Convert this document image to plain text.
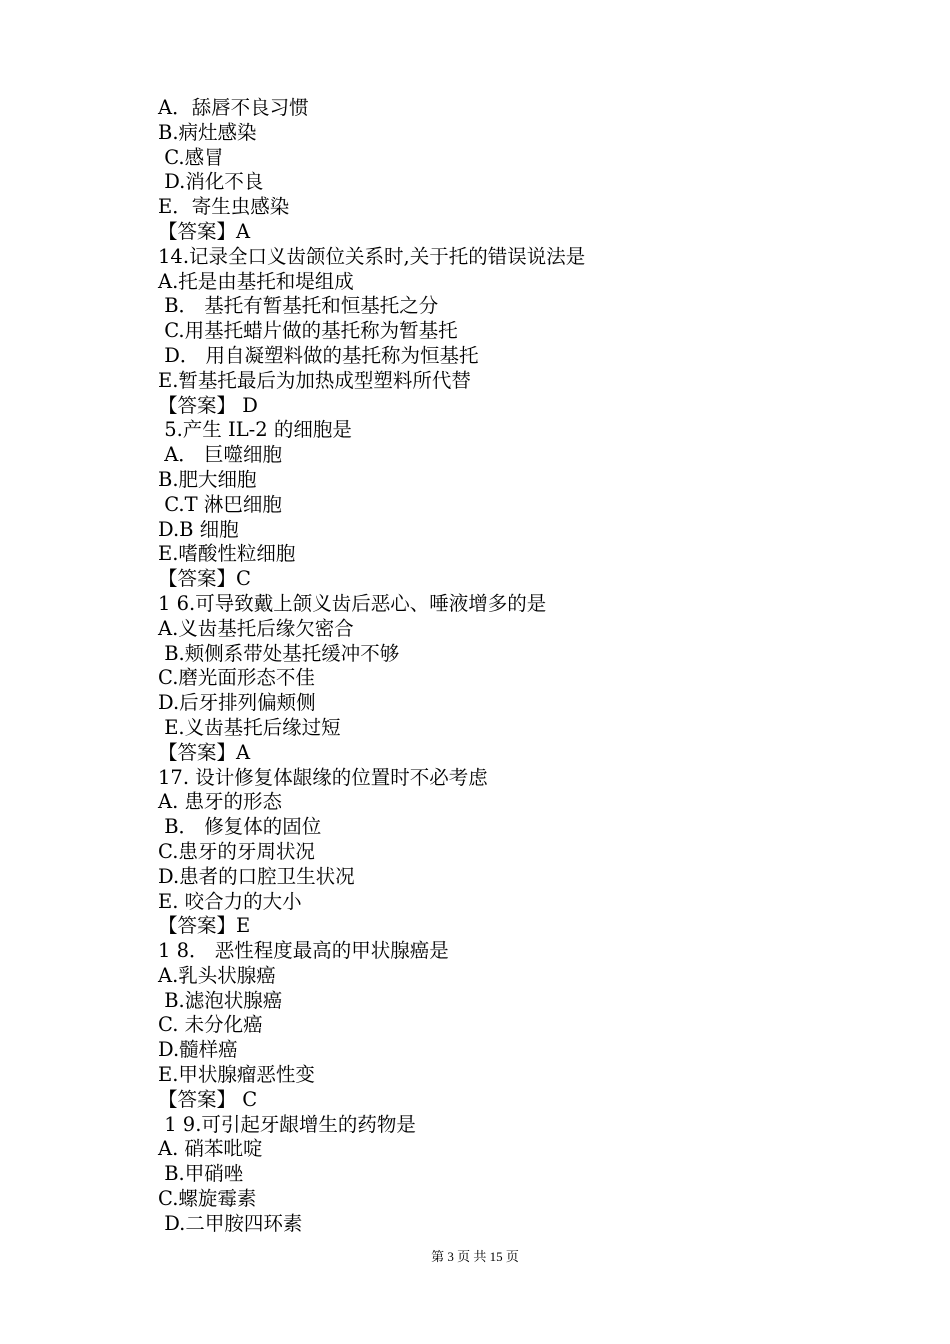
A．舔唇不良习惯
B.病灶感染
C.感冒
D.消化不良
E．寄生虫感染
【答案】A
14.记录全口义齿颌位关系时,关于托的错误说法是
A.托是由基托和堤组成
B． 基托有暂基托和恒基托之分
C.用基托蜡片做的基托称为暂基托
D． 用自凝塑料做的基托称为恒基托
E.暂基托最后为加热成型塑料所代替
【答案】 D
5.产生 IL-2 的细胞是
A． 巨噬细胞
B.肥大细胞
C.T 淋巴细胞
D.B 细胞
E.嗜酸性粒细胞
【答案】C
1 6.可导致戴上颌义齿后恶心、唾液增多的是
A.义齿基托后缘欠密合
B.颊侧系带处基托缓冲不够
C.磨光面形态不佳
D.后牙排列偏颊侧
E.义齿基托后缘过短
【答案】A
17. 设计修复体龈缘的位置时不必考虑
A. 患牙的形态
B． 修复体的固位
C.患牙的牙周状况
D.患者的口腔卫生状况
E. 咬合力的大小
【答案】E
1 8． 恶性程度最高的甲状腺癌是
A.乳头状腺癌
B.滤泡状腺癌
C. 未分化癌
D.髓样癌
E.甲状腺瘤恶性变
【答案】 C
1 9.可引起牙龈增生的药物是
A. 硝苯吡啶
B.甲硝唑
C.螺旋霉素
D.二甲胺四环素
第 3 页 共 15 页
